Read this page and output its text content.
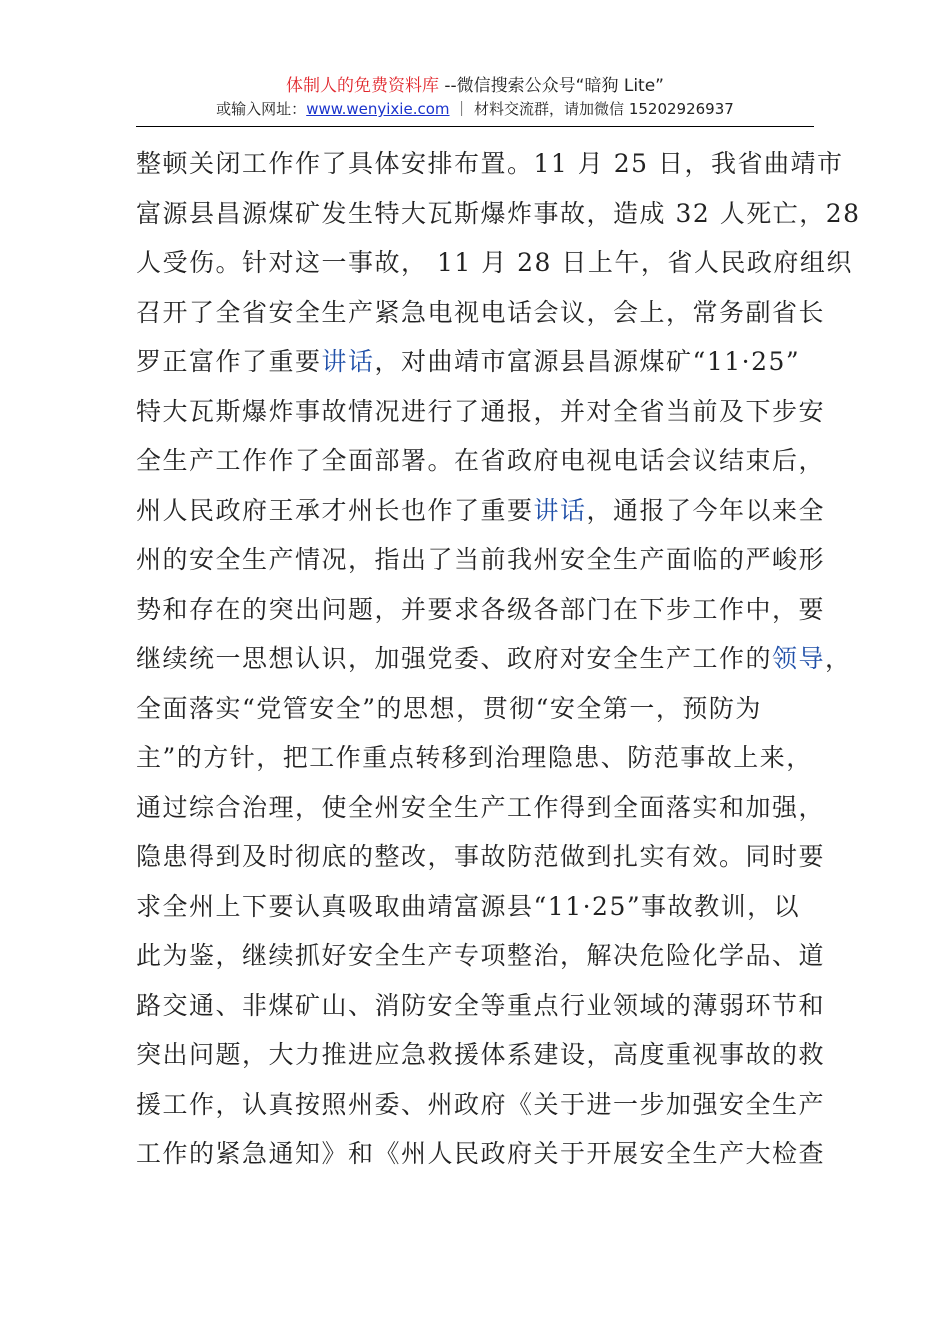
体制人的免费资料库 --微信搜索公众号“暗狗 Lite”
或输入网址：www.wenyixie.com ｜ 材料交流群，请加微信 15202926937
整顿关闭工作作了具体安排布置。11 月 25 日，我省曲靖市
富源县昌源煤矿发生特大瓦斯爆炸事故，造成 32 人死亡，28
人受伤。针对这一事故， 11 月 28 日上午，省人民政府组织
召开了全省安全生产紧急电视电话会议，会上，常务副省长
罗正富作了重要讲话，对曲靖市富源县昌源煤矿“11·25”
特大瓦斯爆炸事故情况进行了通报，并对全省当前及下步安
全生产工作作了全面部署。在省政府电视电话会议结束后，
州人民政府王承才州长也作了重要讲话，通报了今年以来全
州的安全生产情况，指出了当前我州安全生产面临的严峻形
势和存在的突出问题，并要求各级各部门在下步工作中，要
继续统一思想认识，加强党委、政府对安全生产工作的领导，
全面落实“党管安全”的思想，贯彻“安全第一，预防为
主”的方针，把工作重点转移到治理隐患、防范事故上来，
通过综合治理，使全州安全生产工作得到全面落实和加强，
隐患得到及时彻底的整改，事故防范做到扎实有效。同时要
求全州上下要认真吸取曲靖富源县“11·25”事故教训，以
此为鉴，继续抓好安全生产专项整治，解决危险化学品、道
路交通、非煤矿山、消防安全等重点行业领域的薄弱环节和
突出问题，大力推进应急救援体系建设，高度重视事故的救
援工作，认真按照州委、州政府《关于进一步加强安全生产
工作的紧急通知》和《州人民政府关于开展安全生产大检查
